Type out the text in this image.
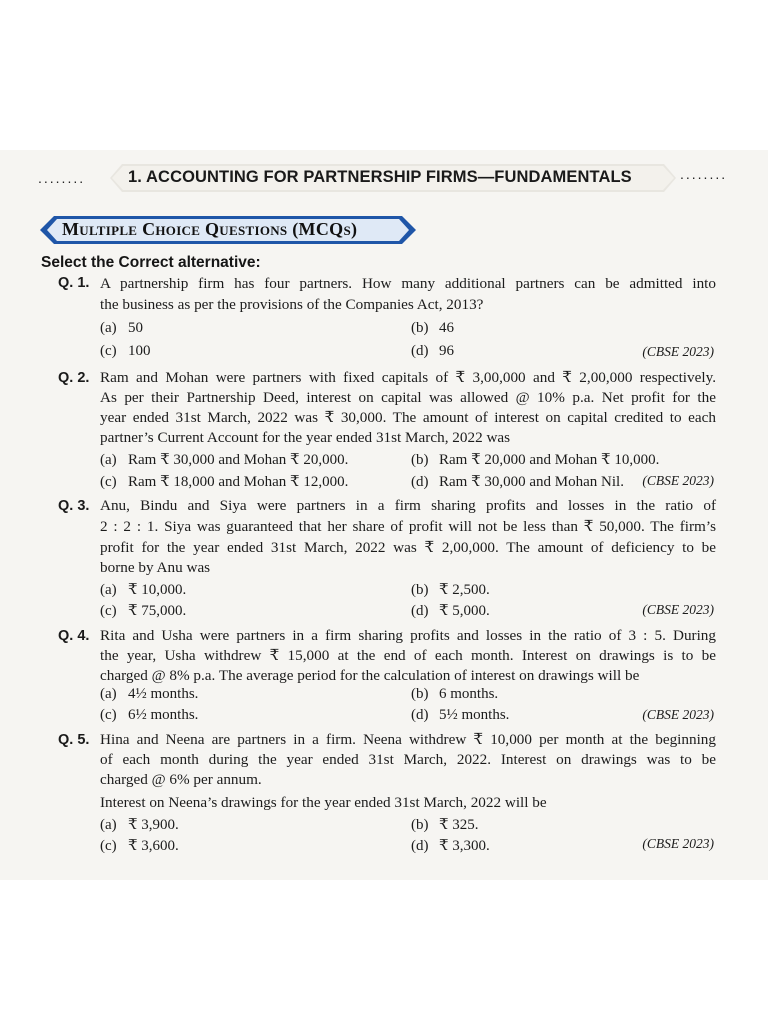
........	1. ACCOUNTING FOR PARTNERSHIP FIRMS—FUNDAMENTALS	........
Multiple Choice Questions (MCQs)
Select the Correct alternative:
Q. 1. A partnership firm has four partners. How many additional partners can be admitted into
the business as per the provisions of the Companies Act, 2013?
(a) 50	(b) 46
(c) 100	(d) 96	(CBSE 2023)
Q. 2. Ram and Mohan were partners with fixed capitals of ₹ 3,00,000 and ₹ 2,00,000 respectively.
As per their Partnership Deed, interest on capital was allowed @ 10% p.a. Net profit for the
year ended 31st March, 2022 was ₹ 30,000. The amount of interest on capital credited to each
partner’s Current Account for the year ended 31st March, 2022 was
(a) Ram ₹ 30,000 and Mohan ₹ 20,000.	(b) Ram ₹ 20,000 and Mohan ₹ 10,000.
(c) Ram ₹ 18,000 and Mohan ₹ 12,000.	(d) Ram ₹ 30,000 and Mohan Nil. (CBSE 2023)
Q. 3. Anu, Bindu and Siya were partners in a firm sharing profits and losses in the ratio of
2 : 2 : 1. Siya was guaranteed that her share of profit will not be less than ₹ 50,000. The firm’s
profit for the year ended 31st March, 2022 was ₹ 2,00,000. The amount of deficiency to be
borne by Anu was
(a) ₹ 10,000.	(b) ₹ 2,500.
(c) ₹ 75,000.	(d) ₹ 5,000.	(CBSE 2023)
Q. 4. Rita and Usha were partners in a firm sharing profits and losses in the ratio of 3 : 5. During
the year, Usha withdrew ₹ 15,000 at the end of each month. Interest on drawings is to be
charged @ 8% p.a. The average period for the calculation of interest on drawings will be
(a) 4½ months.	(b) 6 months.
(c) 6½ months.	(d) 5½ months.	(CBSE 2023)
Q. 5. Hina and Neena are partners in a firm. Neena withdrew ₹ 10,000 per month at the beginning
of each month during the year ended 31st March, 2022. Interest on drawings was to be
charged @ 6% per annum.
Interest on Neena’s drawings for the year ended 31st March, 2022 will be
(a) ₹ 3,900.	(b) ₹ 325.
(c) ₹ 3,600.	(d) ₹ 3,300.	(CBSE 2023)
